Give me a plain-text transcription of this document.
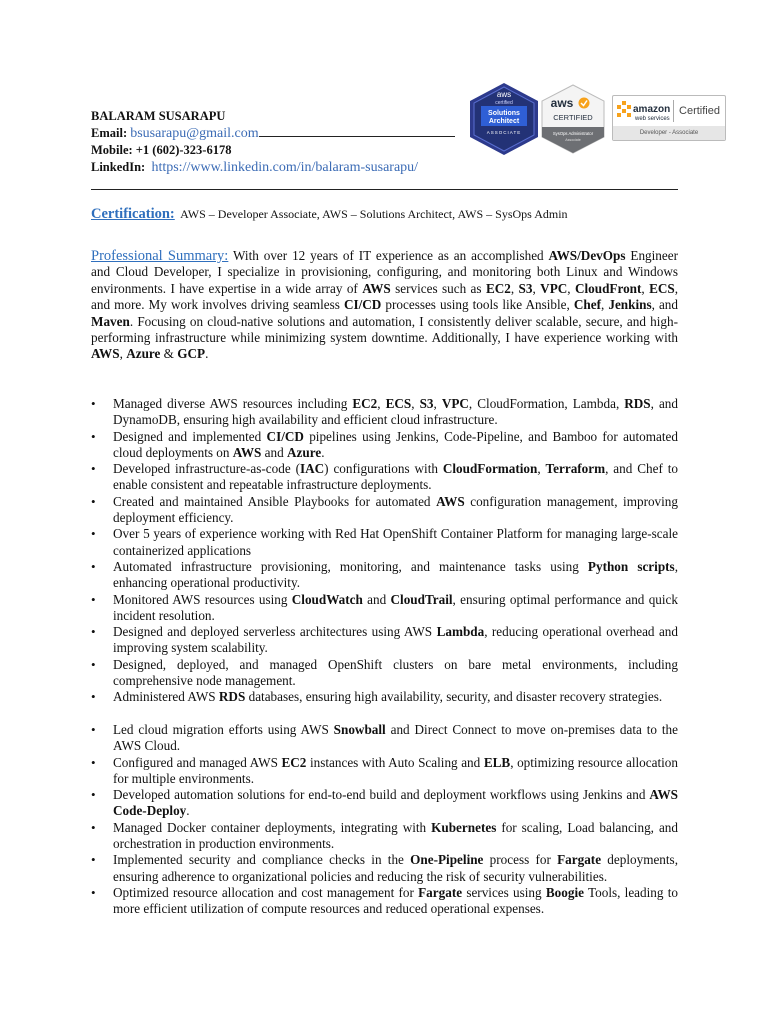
BALARAM SUSARAPU
Email: bsusarapu@gmail.com
Mobile: +1 (602)-323-6178
LinkedIn: https://www.linkedin.com/in/balaram-susarapu/
aws
certified
Solutions
Architect
ASSOCIATE
aws
CERTIFIED
SysOps Administrator
Associate
amazon
web services
Certified
Developer - Associate
Certification: AWS – Developer Associate, AWS – Solutions Architect, AWS – SysOps Admin
Professional Summary: With over 12 years of IT experience as an accomplished AWS/DevOps Engineer and Cloud Developer, I specialize in provisioning, configuring, and monitoring both Linux and Windows environments. I have expertise in a wide array of AWS services such as EC2, S3, VPC, CloudFront, ECS, and more. My work involves driving seamless CI/CD processes using tools like Ansible, Chef, Jenkins, and Maven. Focusing on cloud-native solutions and automation, I consistently deliver scalable, secure, and high-performing infrastructure while minimizing system downtime. Additionally, I have experience working with AWS, Azure & GCP.
• Managed diverse AWS resources including EC2, ECS, S3, VPC, CloudFormation, Lambda, RDS, and DynamoDB, ensuring high availability and efficient cloud infrastructure.
• Designed and implemented CI/CD pipelines using Jenkins, Code-Pipeline, and Bamboo for automated cloud deployments on AWS and Azure.
• Developed infrastructure-as-code (IAC) configurations with CloudFormation, Terraform, and Chef to enable consistent and repeatable infrastructure deployments.
• Created and maintained Ansible Playbooks for automated AWS configuration management, improving deployment efficiency.
• Over 5 years of experience working with Red Hat OpenShift Container Platform for managing large-scale containerized applications
• Automated infrastructure provisioning, monitoring, and maintenance tasks using Python scripts, enhancing operational productivity.
• Monitored AWS resources using CloudWatch and CloudTrail, ensuring optimal performance and quick incident resolution.
• Designed and deployed serverless architectures using AWS Lambda, reducing operational overhead and improving system scalability.
• Designed, deployed, and managed OpenShift clusters on bare metal environments, including comprehensive node management.
• Administered AWS RDS databases, ensuring high availability, security, and disaster recovery strategies.
• Led cloud migration efforts using AWS Snowball and Direct Connect to move on-premises data to the AWS Cloud.
• Configured and managed AWS EC2 instances with Auto Scaling and ELB, optimizing resource allocation for multiple environments.
• Developed automation solutions for end-to-end build and deployment workflows using Jenkins and AWS Code-Deploy.
• Managed Docker container deployments, integrating with Kubernetes for scaling, Load balancing, and orchestration in production environments.
• Implemented security and compliance checks in the One-Pipeline process for Fargate deployments, ensuring adherence to organizational policies and reducing the risk of security vulnerabilities.
• Optimized resource allocation and cost management for Fargate services using Boogie Tools, leading to more efficient utilization of compute resources and reduced operational expenses.
